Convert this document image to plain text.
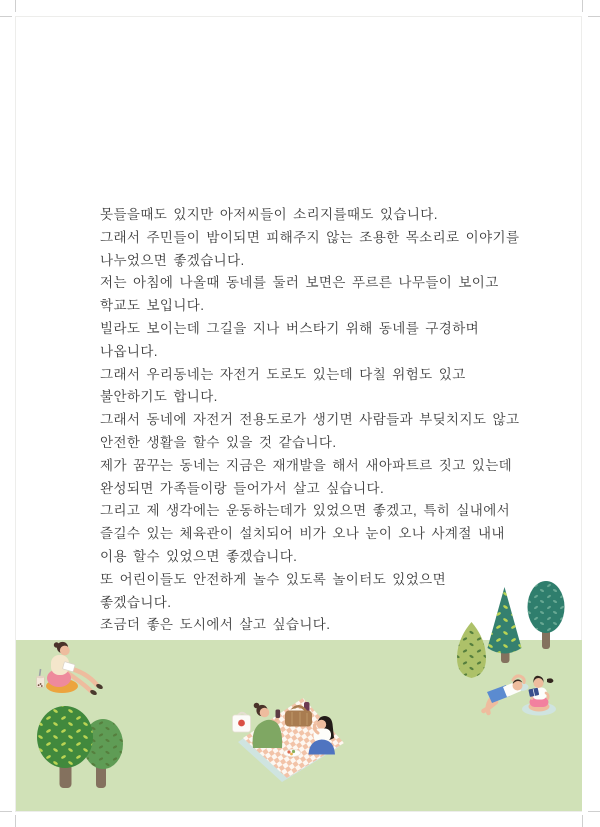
못들을때도 있지만 아저씨들이 소리지를때도 있습니다.
그래서 주민들이 밤이되면 피해주지 않는 조용한 목소리로 이야기를
나누었으면 좋겠습니다.
저는 아침에 나올때 동네를 둘러 보면은 푸르른 나무들이 보이고
학교도 보입니다.
빌라도 보이는데 그길을 지나 버스타기 위해 동네를 구경하며
나옵니다.
그래서 우리동네는 자전거 도로도 있는데 다칠 위험도 있고
불안하기도 합니다.
그래서 동네에 자전거 전용도로가 생기면 사람들과 부딪치지도 않고
안전한 생활을 할수 있을 것 같습니다.
제가 꿈꾸는 동네는 지금은 재개발을 해서 새아파트르 짓고 있는데
완성되면 가족들이랑 들어가서 살고 싶습니다.
그리고 제 생각에는 운동하는데가 있었으면 좋겠고, 특히 실내에서
즐길수 있는 체육관이 설치되어 비가 오나 눈이 오나 사계절 내내
이용 할수 있었으면 좋겠습니다.
또 어린이들도 안전하게 놀수 있도록 놀이터도 있었으면
좋겠습니다.
조금더 좋은 도시에서 살고 싶습니다.
